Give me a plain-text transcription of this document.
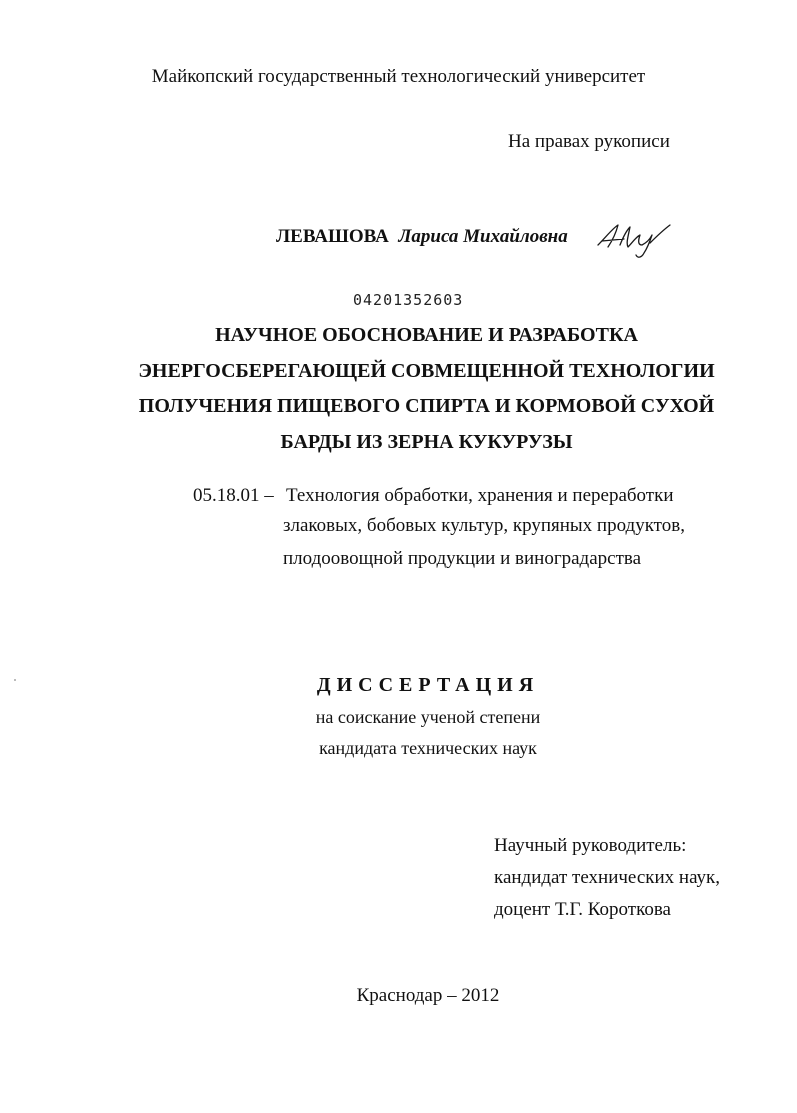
Майкопский государственный технологический университет
На правах рукописи
ЛЕВАШОВА Лариса Михайловна
04201352603
НАУЧНОЕ ОБОСНОВАНИЕ И РАЗРАБОТКА
ЭНЕРГОСБЕРЕГАЮЩЕЙ СОВМЕЩЕННОЙ ТЕХНОЛОГИИ
ПОЛУЧЕНИЯ ПИЩЕВОГО СПИРТА И КОРМОВОЙ СУХОЙ
БАРДЫ ИЗ ЗЕРНА КУКУРУЗЫ
05.18.01 – Технология обработки, хранения и переработки
злаковых, бобовых культур, крупяных продуктов,
плодоовощной продукции и виноградарства
ДИССЕРТАЦИЯ
на соискание ученой степени
кандидата технических наук
Научный руководитель:
кандидат технических наук,
доцент Т.Г. Короткова
Краснодар – 2012
